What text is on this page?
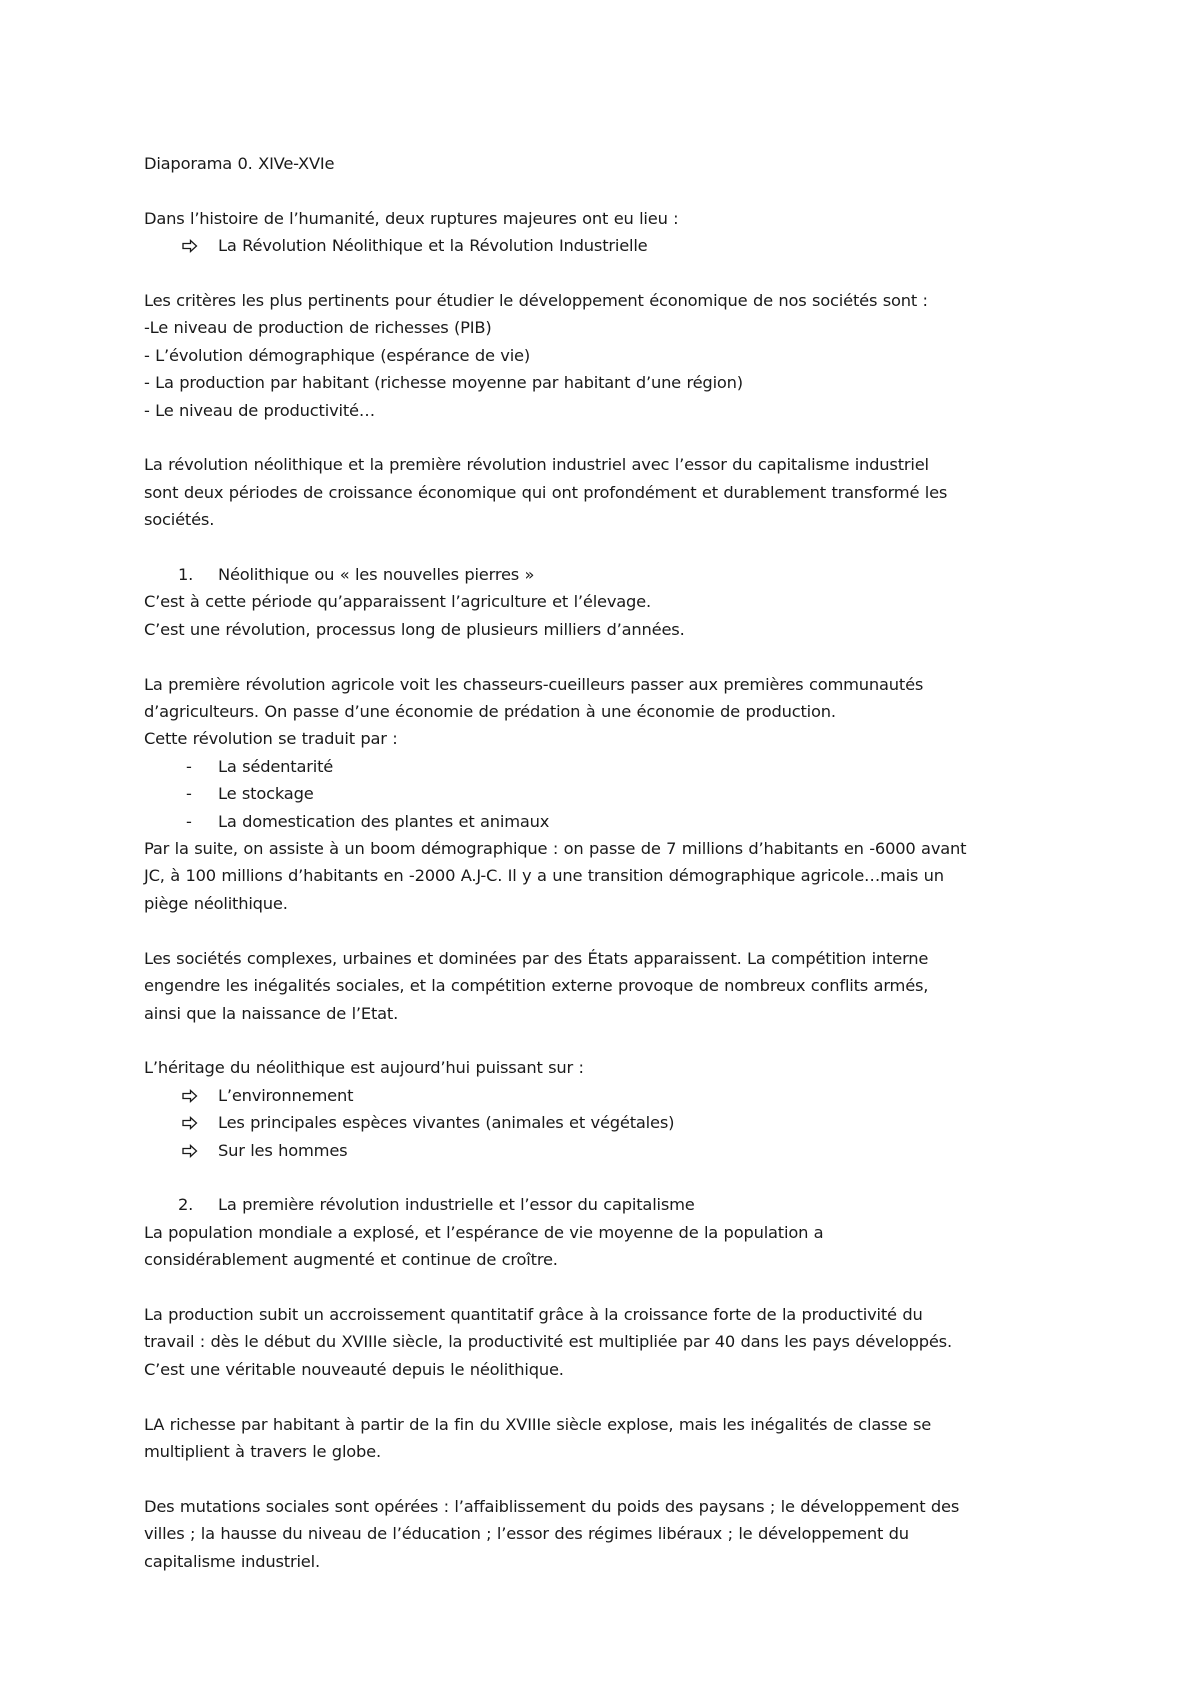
Diaporama 0. XIVe-XVIe
Dans l’histoire de l’humanité, deux ruptures majeures ont eu lieu :
La Révolution Néolithique et la Révolution Industrielle
Les critères les plus pertinents pour étudier le développement économique de nos sociétés sont :
-Le niveau de production de richesses (PIB)
- L’évolution démographique (espérance de vie)
- La production par habitant (richesse moyenne par habitant d’une région)
- Le niveau de productivité…
La révolution néolithique et la première révolution industriel avec l’essor du capitalisme industriel
sont deux périodes de croissance économique qui ont profondément et durablement transformé les
sociétés.
1.	Néolithique ou « les nouvelles pierres »
C’est à cette période qu’apparaissent l’agriculture et l’élevage.
C’est une révolution, processus long de plusieurs milliers d’années.
La première révolution agricole voit les chasseurs-cueilleurs passer aux premières communautés
d’agriculteurs. On passe d’une économie de prédation à une économie de production.
Cette révolution se traduit par :
-	La sédentarité
-	Le stockage
-	La domestication des plantes et animaux
Par la suite, on assiste à un boom démographique : on passe de 7 millions d’habitants en -6000 avant
JC, à 100 millions d’habitants en -2000 A.J-C. Il y a une transition démographique agricole…mais un
piège néolithique.
Les sociétés complexes, urbaines et dominées par des États apparaissent. La compétition interne
engendre les inégalités sociales, et la compétition externe provoque de nombreux conflits armés,
ainsi que la naissance de l’Etat.
L’héritage du néolithique est aujourd’hui puissant sur :
L’environnement
Les principales espèces vivantes (animales et végétales)
Sur les hommes
2.	La première révolution industrielle et l’essor du capitalisme
La population mondiale a explosé, et l’espérance de vie moyenne de la population a
considérablement augmenté et continue de croître.
La production subit un accroissement quantitatif grâce à la croissance forte de la productivité du
travail : dès le début du XVIIIe siècle, la productivité est multipliée par 40 dans les pays développés.
C’est une véritable nouveauté depuis le néolithique.
LA richesse par habitant à partir de la fin du XVIIIe siècle explose, mais les inégalités de classe se
multiplient à travers le globe.
Des mutations sociales sont opérées : l’affaiblissement du poids des paysans ; le développement des
villes ; la hausse du niveau de l’éducation ; l’essor des régimes libéraux ; le développement du
capitalisme industriel.
